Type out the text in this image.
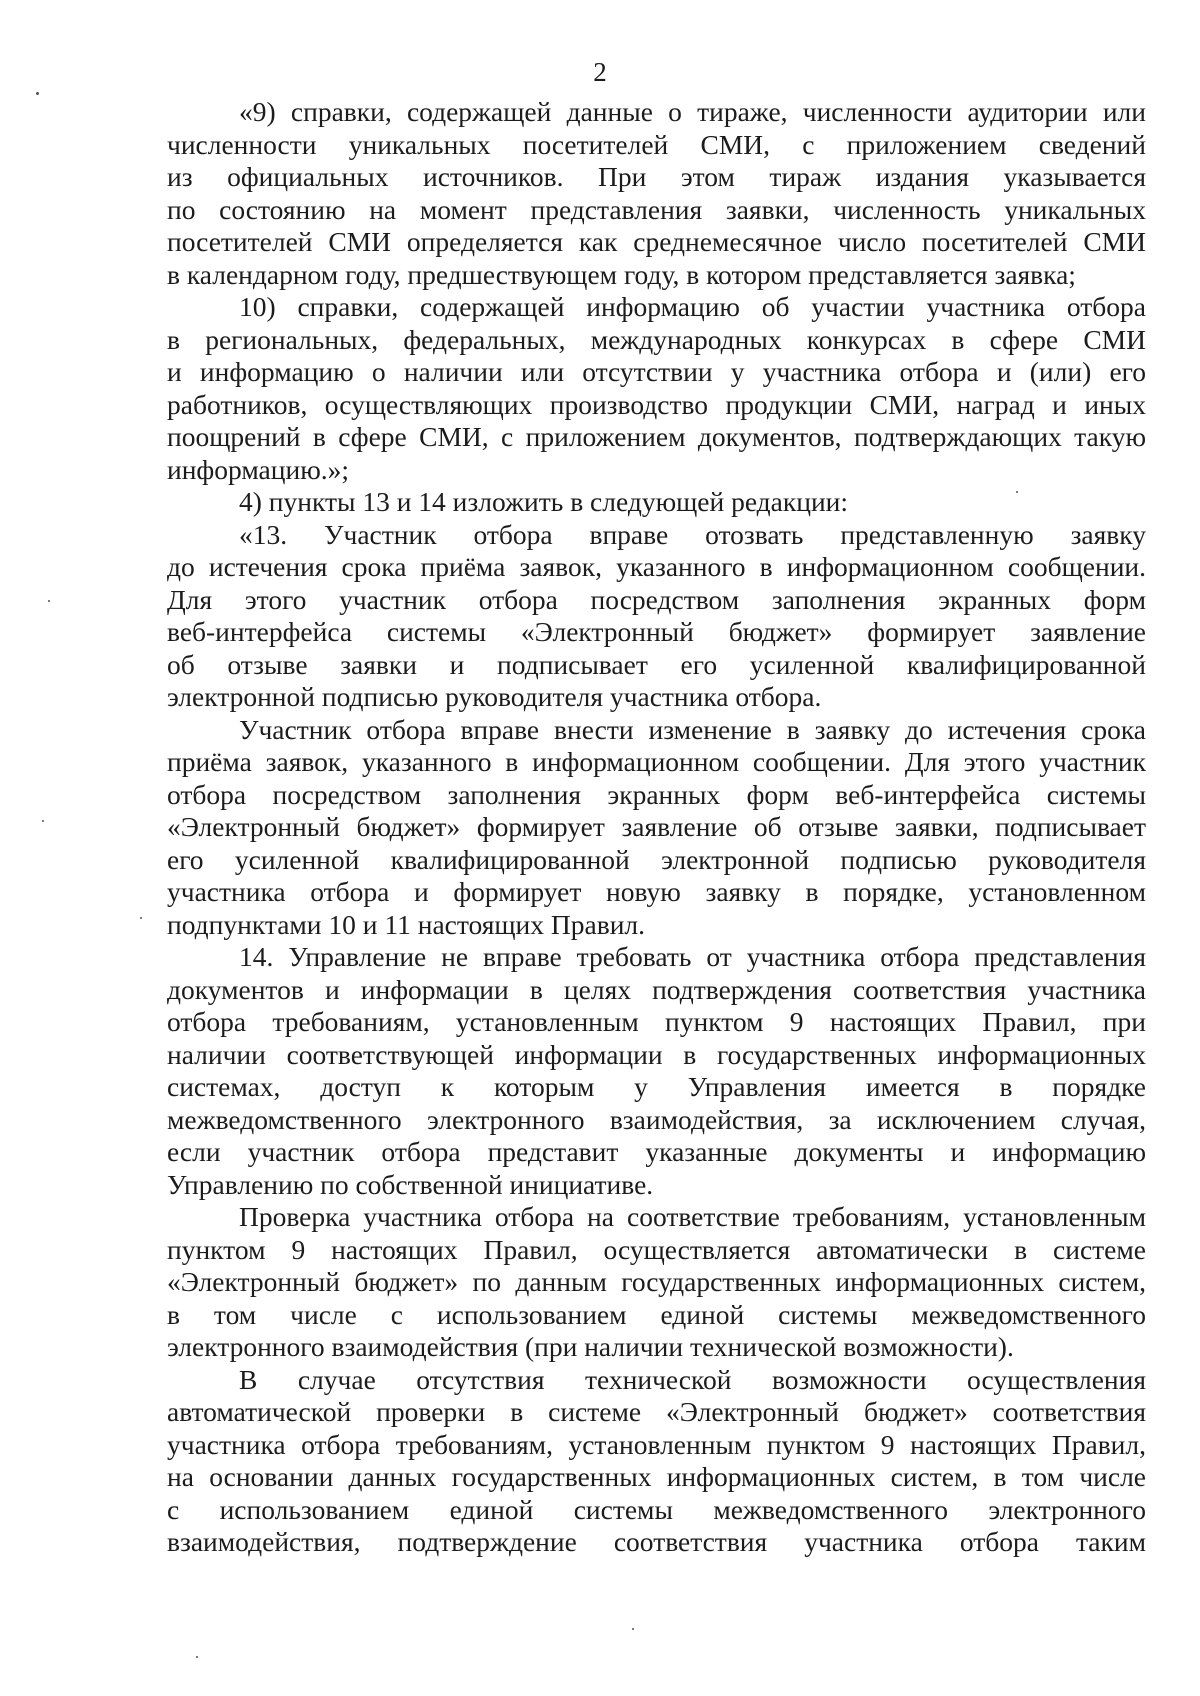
2

«9) справки, содержащей данные о тираже, численности аудитории или
численности уникальных посетителей СМИ, с приложением сведений
из официальных источников. При этом тираж издания указывается
по состоянию на момент представления заявки, численность уникальных
посетителей СМИ определяется как среднемесячное число посетителей СМИ
в календарном году, предшествующем году, в котором представляется заявка;

10) справки, содержащей информацию об участии участника отбора
в региональных, федеральных, международных конкурсах в сфере СМИ
и информацию о наличии или отсутствии у участника отбора и (или) его
работников, осуществляющих производство продукции СМИ, наград и иных
поощрений в сфере СМИ, с приложением документов, подтверждающих такую
информацию.»;

4) пункты 13 и 14 изложить в следующей редакции:

«13. Участник отбора вправе отозвать представленную заявку
до истечения срока приёма заявок, указанного в информационном сообщении.
Для этого участник отбора посредством заполнения экранных форм
веб-интерфейса системы «Электронный бюджет» формирует заявление
об отзыве заявки и подписывает его усиленной квалифицированной
электронной подписью руководителя участника отбора.

Участник отбора вправе внести изменение в заявку до истечения срока
приёма заявок, указанного в информационном сообщении. Для этого участник
отбора посредством заполнения экранных форм веб-интерфейса системы
«Электронный бюджет» формирует заявление об отзыве заявки, подписывает
его усиленной квалифицированной электронной подписью руководителя
участника отбора и формирует новую заявку в порядке, установленном
подпунктами 10 и 11 настоящих Правил.

14. Управление не вправе требовать от участника отбора представления
документов и информации в целях подтверждения соответствия участника
отбора требованиям, установленным пунктом 9 настоящих Правил, при
наличии соответствующей информации в государственных информационных
системах, доступ к которым у Управления имеется в порядке
межведомственного электронного взаимодействия, за исключением случая,
если участник отбора представит указанные документы и информацию
Управлению по собственной инициативе.

Проверка участника отбора на соответствие требованиям, установленным
пунктом 9 настоящих Правил, осуществляется автоматически в системе
«Электронный бюджет» по данным государственных информационных систем,
в том числе с использованием единой системы межведомственного
электронного взаимодействия (при наличии технической возможности).

В случае отсутствия технической возможности осуществления
автоматической проверки в системе «Электронный бюджет» соответствия
участника отбора требованиям, установленным пунктом 9 настоящих Правил,
на основании данных государственных информационных систем, в том числе
с использованием единой системы межведомственного электронного
взаимодействия, подтверждение соответствия участника отбора таким
